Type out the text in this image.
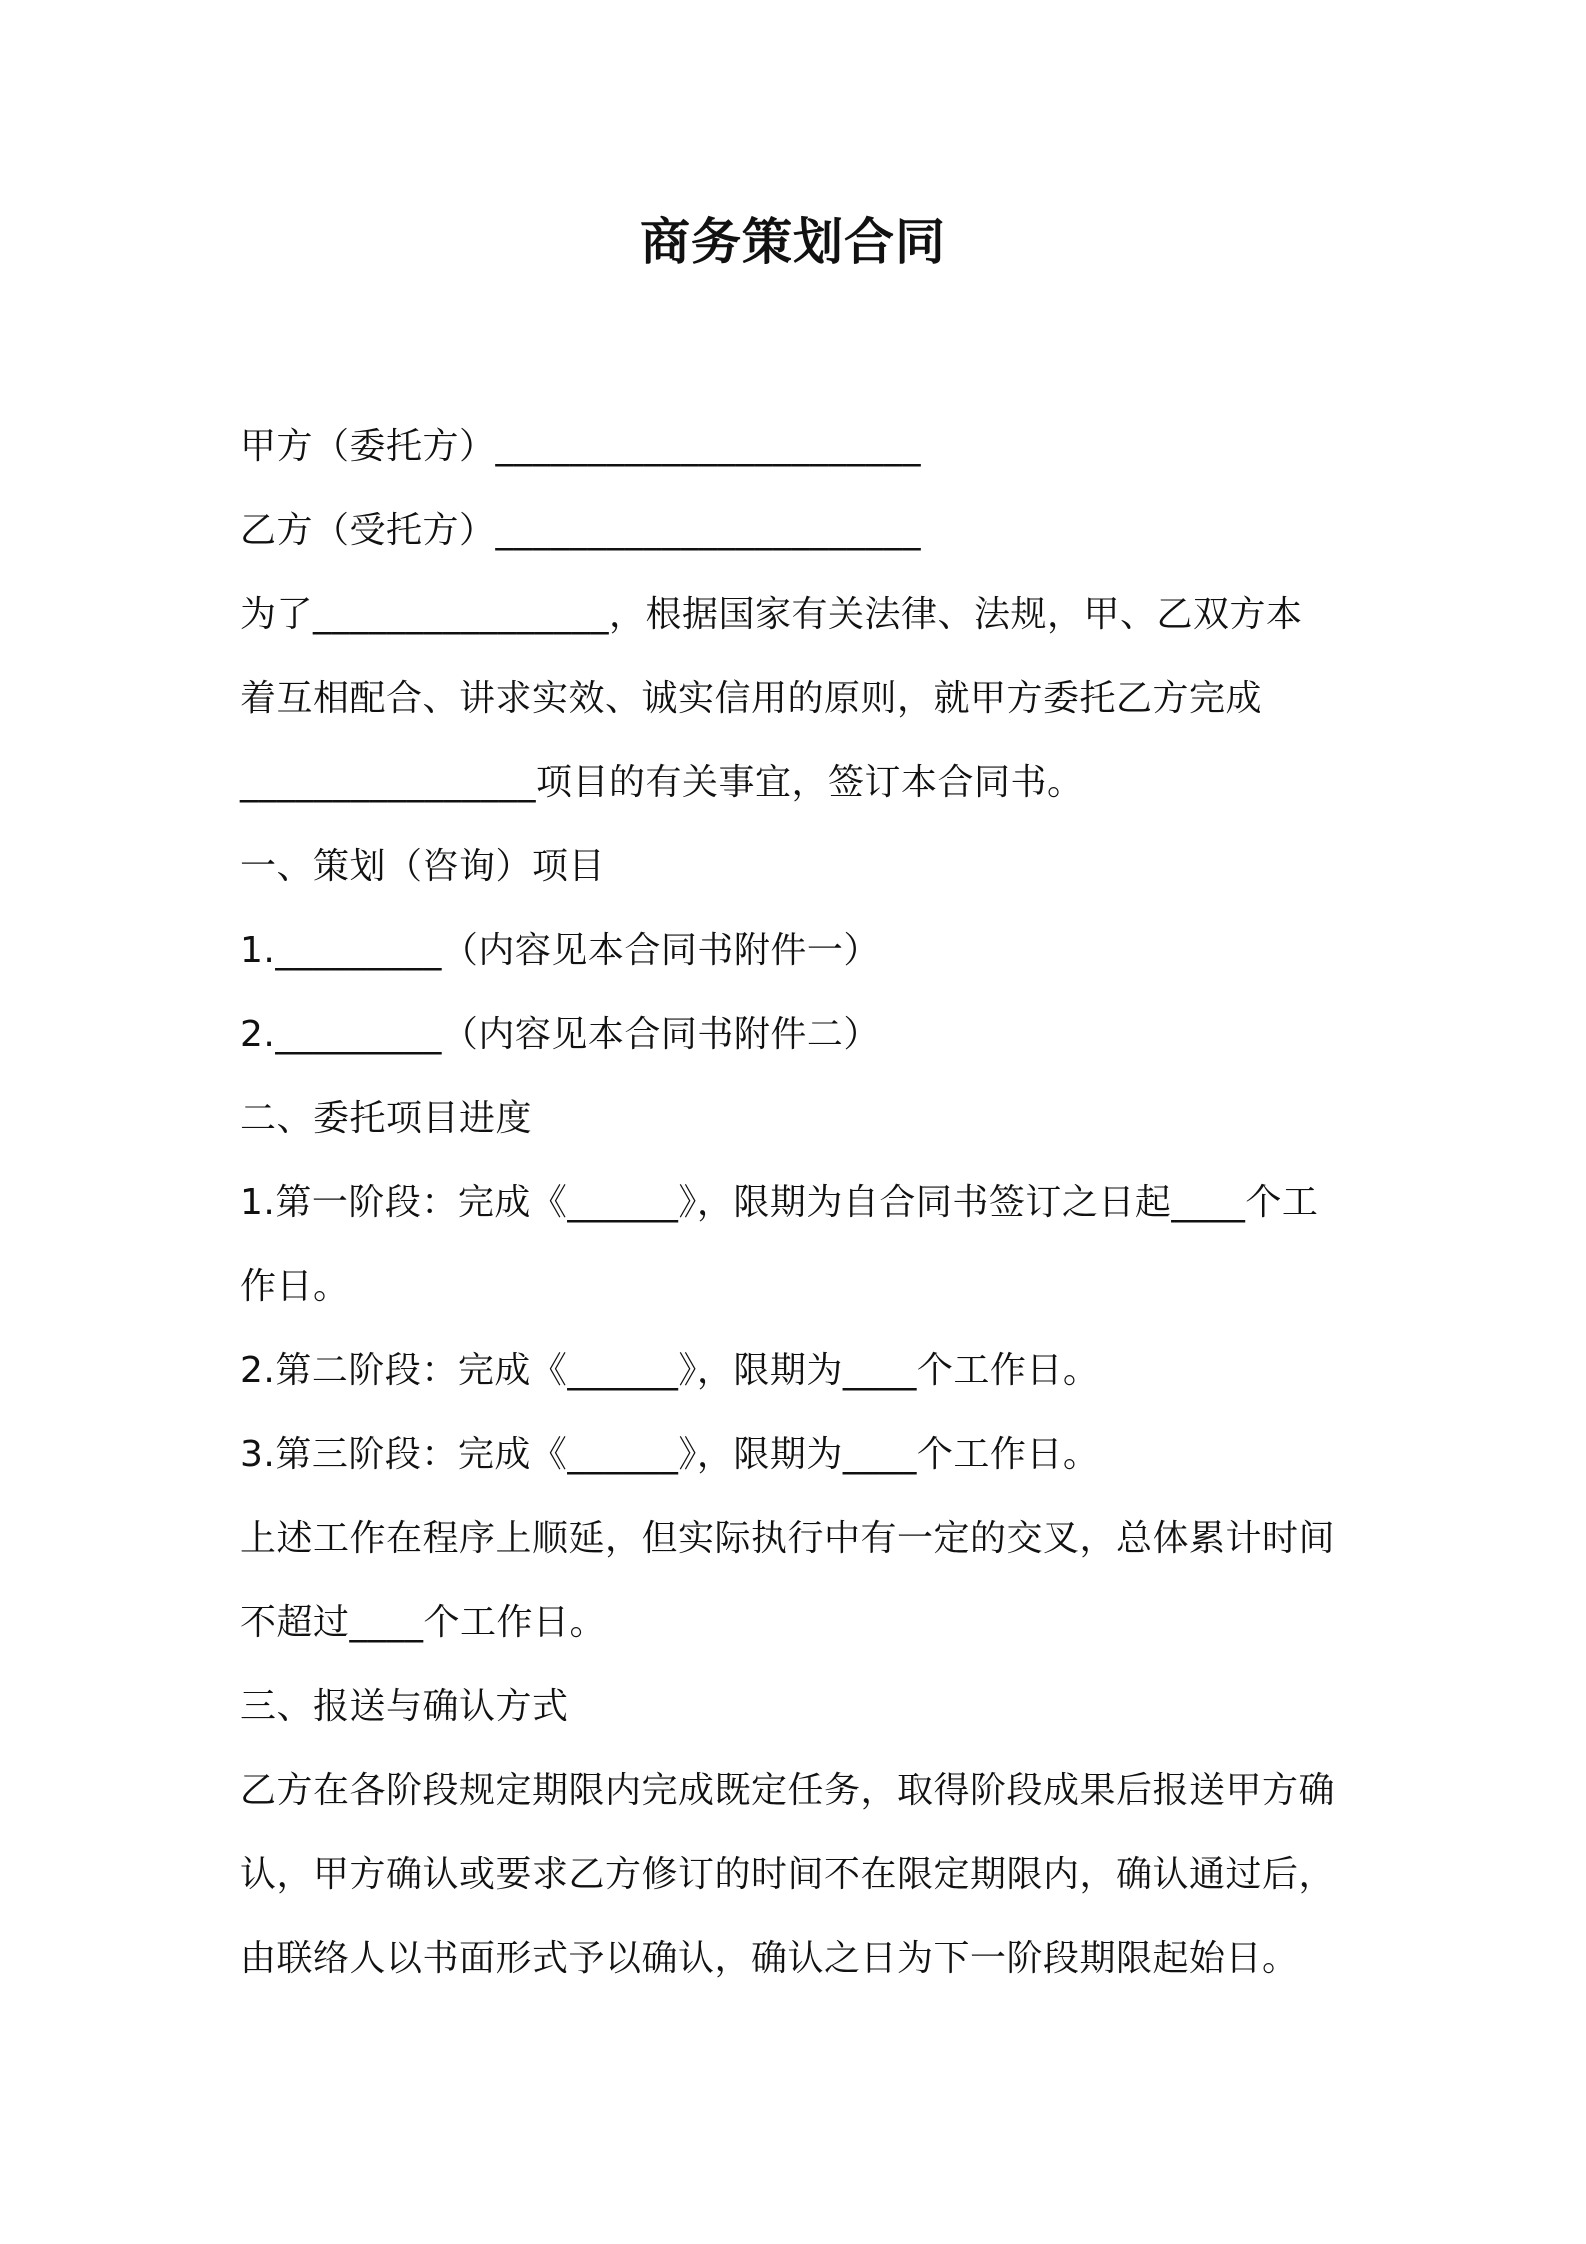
商务策划合同
甲方（委托方）_______________________
乙方（受托方）_______________________
为了________________，根据国家有关法律、法规，甲、乙双方本
着互相配合、讲求实效、诚实信用的原则，就甲方委托乙方完成
________________项目的有关事宜，签订本合同书。
一、策划（咨询）项目
1._________（内容见本合同书附件一）
2._________（内容见本合同书附件二）
二、委托项目进度
1.第一阶段：完成《______》，限期为自合同书签订之日起____个工
作日。
2.第二阶段：完成《______》，限期为____个工作日。
3.第三阶段：完成《______》，限期为____个工作日。
上述工作在程序上顺延，但实际执行中有一定的交叉，总体累计时间
不超过____个工作日。
三、报送与确认方式
乙方在各阶段规定期限内完成既定任务，取得阶段成果后报送甲方确
认，甲方确认或要求乙方修订的时间不在限定期限内，确认通过后，
由联络人以书面形式予以确认，确认之日为下一阶段期限起始日。
